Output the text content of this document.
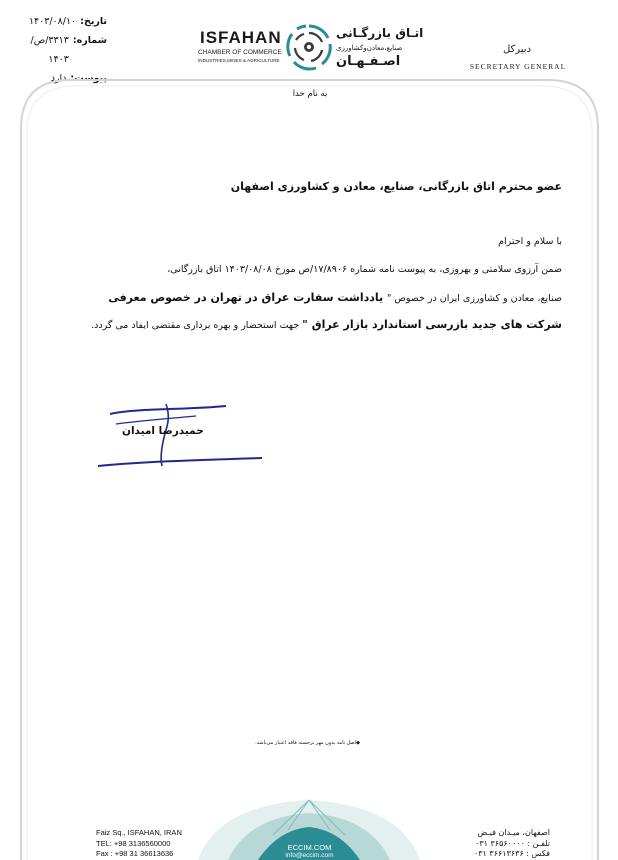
تاریخ:
۱۴۰۳/۰۸/۱۰
شماره:
۳۳۱۳/ص/۱۴۰۳
پیوست:
دارد
ISFAHAN
CHAMBER OF COMMERCE
INDUSTRIES,MINES & AGRICULTURE
اتـاق بازرگـانی
صنایع،معادن‌وکشاورزی
اصـفـهـان
دبیرکل
SECRETARY GENERAL
به نام خدا
عضو محترم اتاق بازرگانی، صنایع، معادن و کشاورزی اصفهان
با سلام و احترام
ضمن آرزوی سلامتی و بهروزی، به پیوست نامه شماره ۱۷/۸۹۰۶/ص مورخ ۱۴۰۳/۰۸/۰۸ اتاق بازرگانی،
صنایع، معادن و کشاورزی ایران در خصوص " یادداشت سفارت عراق در تهران در خصوص معرفی
شرکت های جدید بازرسی استاندارد بازار عراق " جهت استحضار و بهره برداری مقتضی ایفاد می گردد.
حمیدرضا امیدان
◆اصل نامه بدون مهر برجسته فاقد اعتبار می‌باشد.
Faiz Sq., ISFAHAN, IRAN
TEL: +98 3136560000
Fax : +98 31 36613636
ECCIM.COM
info@eccim.com
اصفهان، میـدان فیـض
تلفـن : ۳۶۵۶۰۰۰۰ ۰۳۱
فکس : ۳۶۶۱۳۶۳۶ ۰۳۱
